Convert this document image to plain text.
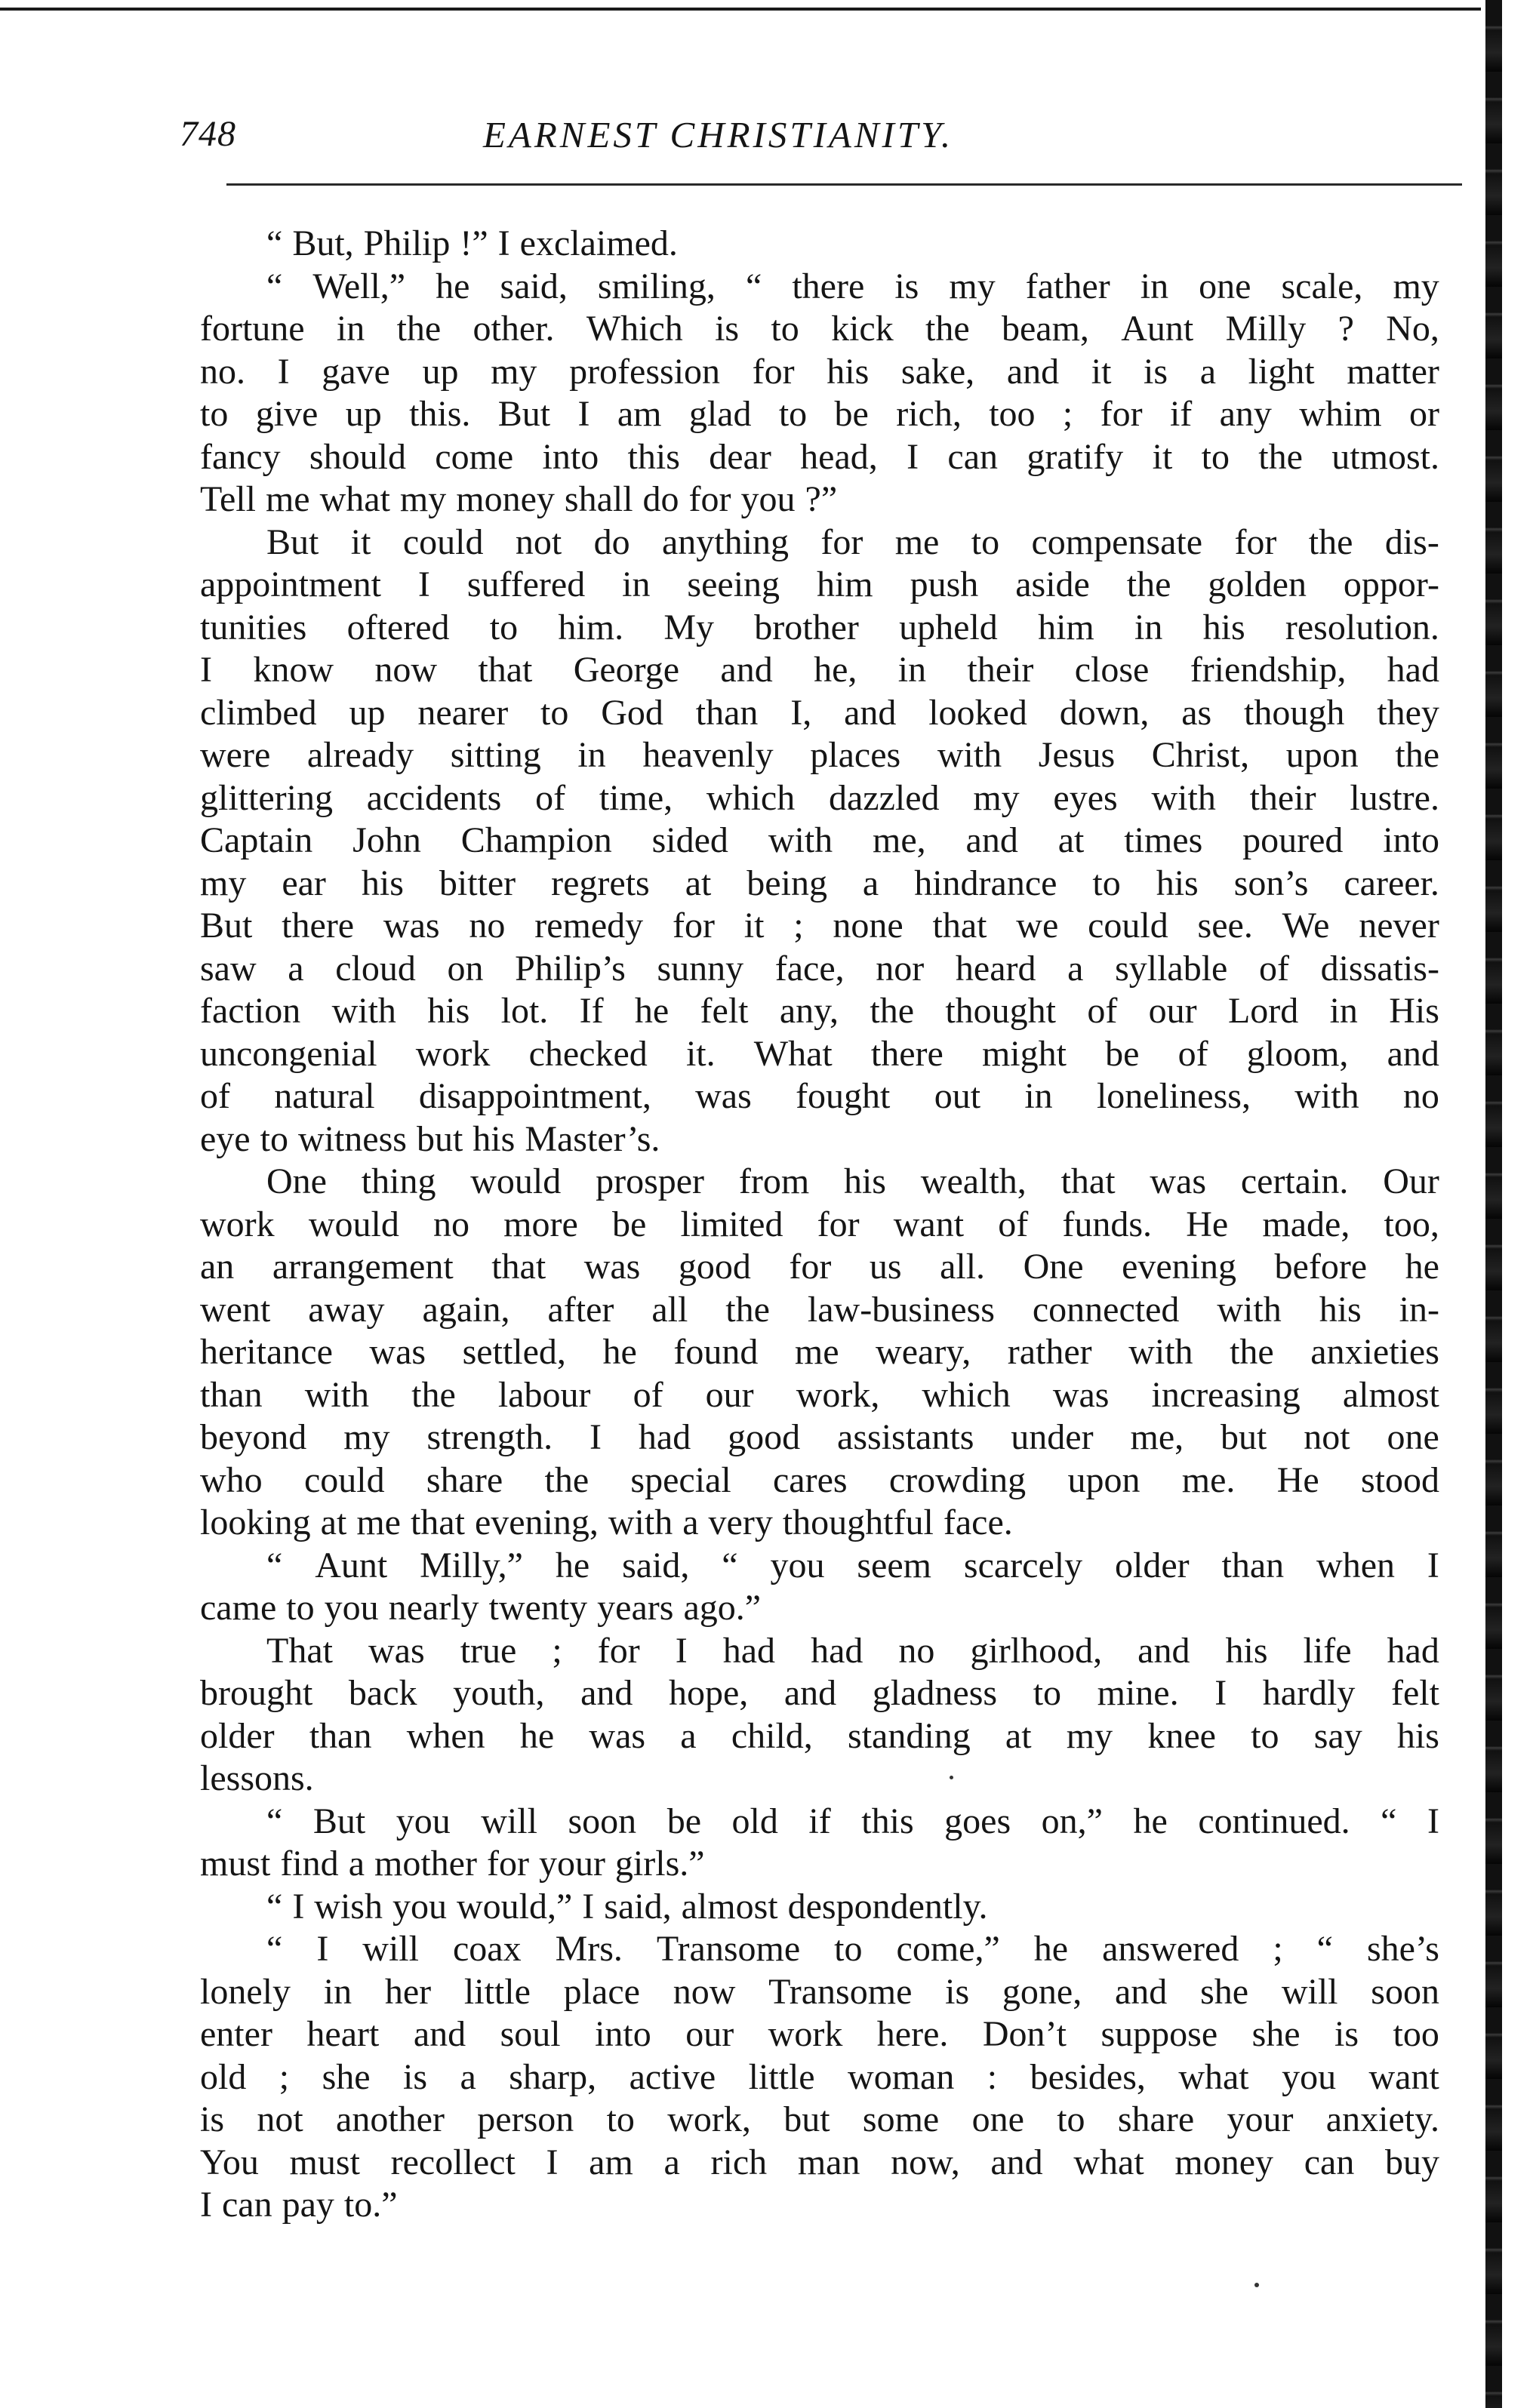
748	EARNEST CHRISTIANITY.
“ But, Philip !” I exclaimed.
“ Well,” he said, smiling, “ there is my father in one scale, my
fortune in the other. Which is to kick the beam, Aunt Milly ? No,
no. I gave up my profession for his sake, and it is a light matter
to give up this. But I am glad to be rich, too ; for if any whim or
fancy should come into this dear head, I can gratify it to the utmost.
Tell me what my money shall do for you ?”
But it could not do anything for me to compensate for the dis-
appointment I suffered in seeing him push aside the golden oppor-
tunities oftered to him. My brother upheld him in his resolution.
I know now that George and he, in their close friendship, had
climbed up nearer to God than I, and looked down, as though they
were already sitting in heavenly places with Jesus Christ, upon the
glittering accidents of time, which dazzled my eyes with their lustre.
Captain John Champion sided with me, and at times poured into
my ear his bitter regrets at being a hindrance to his son’s career.
But there was no remedy for it ; none that we could see. We never
saw a cloud on Philip’s sunny face, nor heard a syllable of dissatis-
faction with his lot. If he felt any, the thought of our Lord in His
uncongenial work checked it. What there might be of gloom, and
of natural disappointment, was fought out in loneliness, with no
eye to witness but his Master’s.
One thing would prosper from his wealth, that was certain. Our
work would no more be limited for want of funds. He made, too,
an arrangement that was good for us all. One evening before he
went away again, after all the law-business connected with his in-
heritance was settled, he found me weary, rather with the anxieties
than with the labour of our work, which was increasing almost
beyond my strength. I had good assistants under me, but not one
who could share the special cares crowding upon me. He stood
looking at me that evening, with a very thoughtful face.
“ Aunt Milly,” he said, “ you seem scarcely older than when I
came to you nearly twenty years ago.”
That was true ; for I had had no girlhood, and his life had
brought back youth, and hope, and gladness to mine. I hardly felt
older than when he was a child, standing at my knee to say his
lessons.
“ But you will soon be old if this goes on,” he continued. “ I
must find a mother for your girls.”
“ I wish you would,” I said, almost despondently.
“ I will coax Mrs. Transome to come,” he answered ; “ she’s
lonely in her little place now Transome is gone, and she will soon
enter heart and soul into our work here. Don’t suppose she is too
old ; she is a sharp, active little woman : besides, what you want
is not another person to work, but some one to share your anxiety.
You must recollect I am a rich man now, and what money can buy
I can pay to.”
